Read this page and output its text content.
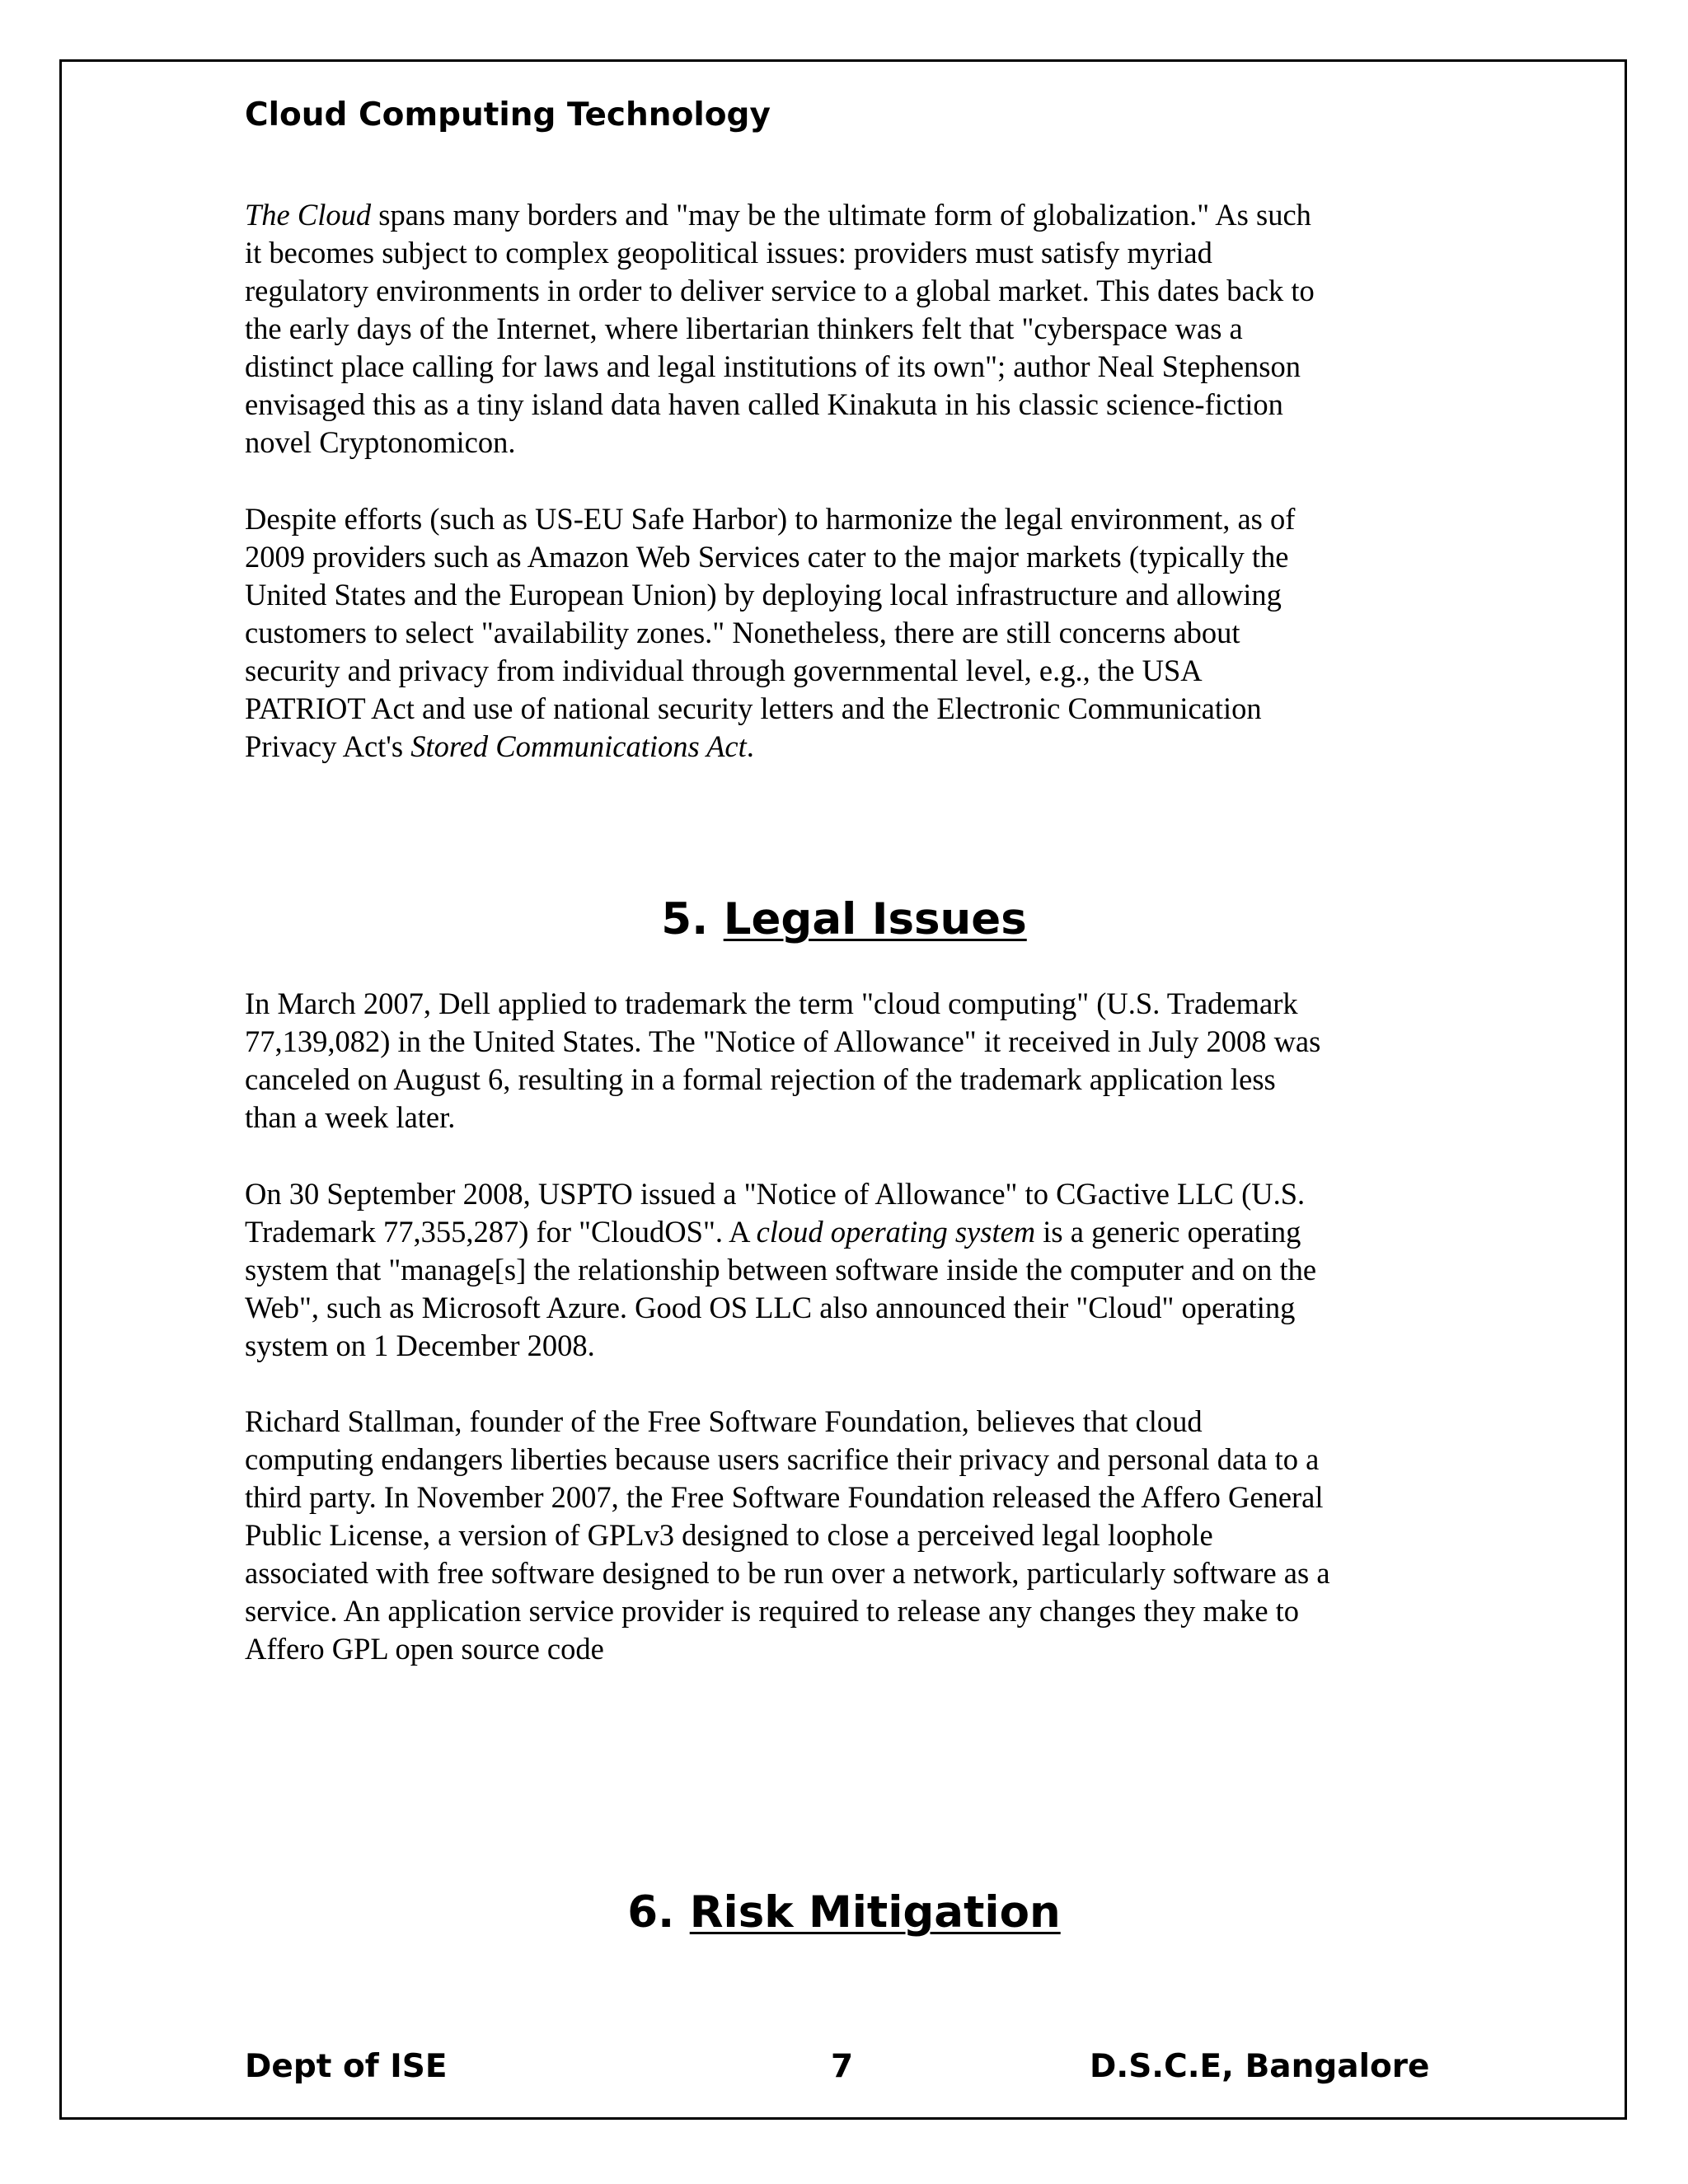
Cloud Computing Technology

The Cloud spans many borders and "may be the ultimate form of globalization." As such
it becomes subject to complex geopolitical issues: providers must satisfy myriad
regulatory environments in order to deliver service to a global market. This dates back to
the early days of the Internet, where libertarian thinkers felt that "cyberspace was a
distinct place calling for laws and legal institutions of its own"; author Neal Stephenson
envisaged this as a tiny island data haven called Kinakuta in his classic science-fiction
novel Cryptonomicon.
Despite efforts (such as US-EU Safe Harbor) to harmonize the legal environment, as of
2009 providers such as Amazon Web Services cater to the major markets (typically the
United States and the European Union) by deploying local infrastructure and allowing
customers to select "availability zones." Nonetheless, there are still concerns about
security and privacy from individual through governmental level, e.g., the USA
PATRIOT Act and use of national security letters and the Electronic Communication
Privacy Act's Stored Communications Act.
5. Legal Issues
In March 2007, Dell applied to trademark the term "cloud computing" (U.S. Trademark
77,139,082) in the United States. The "Notice of Allowance" it received in July 2008 was
canceled on August 6, resulting in a formal rejection of the trademark application less
than a week later.
On 30 September 2008, USPTO issued a "Notice of Allowance" to CGactive LLC (U.S.
Trademark 77,355,287) for "CloudOS". A cloud operating system is a generic operating
system that "manage[s] the relationship between software inside the computer and on the
Web", such as Microsoft Azure. Good OS LLC also announced their "Cloud" operating
system on 1 December 2008.
Richard Stallman, founder of the Free Software Foundation, believes that cloud
computing endangers liberties because users sacrifice their privacy and personal data to a
third party. In November 2007, the Free Software Foundation released the Affero General
Public License, a version of GPLv3 designed to close a perceived legal loophole
associated with free software designed to be run over a network, particularly software as a
service. An application service provider is required to release any changes they make to
Affero GPL open source code
6. Risk Mitigation

Dept of ISE	7	D.S.C.E, Bangalore
